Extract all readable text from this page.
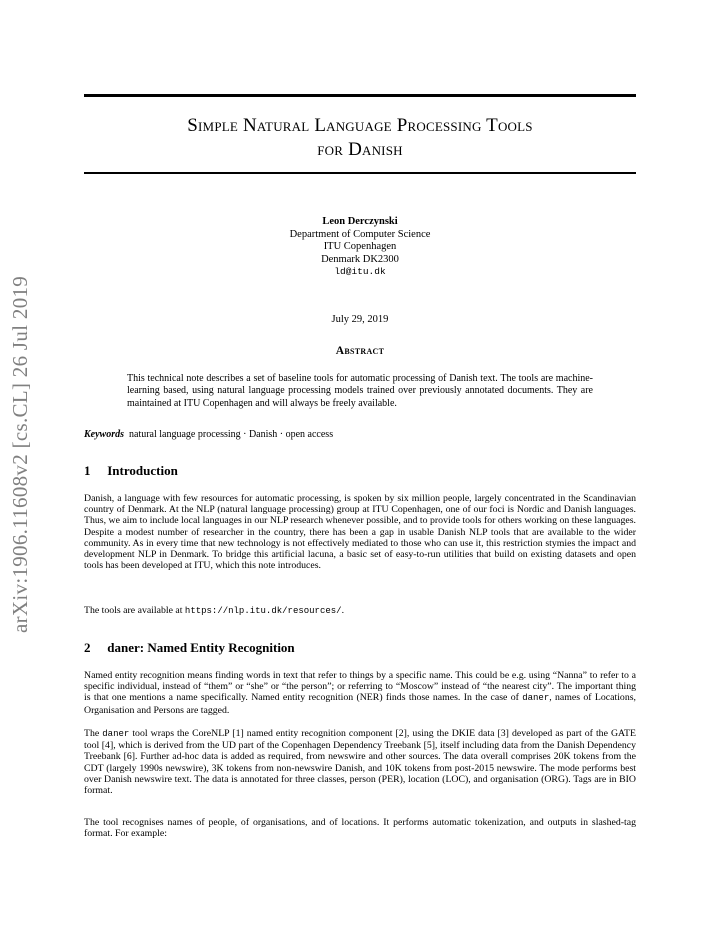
arXiv:1906.11608v2 [cs.CL] 26 Jul 2019
Simple Natural Language Processing Tools
for Danish
Leon Derczynski
Department of Computer Science
ITU Copenhagen
Denmark DK2300
ld@itu.dk
July 29, 2019
Abstract
This technical note describes a set of baseline tools for automatic processing of Danish text. The tools are machine-learning based, using natural language processing models trained over previously annotated documents. They are maintained at ITU Copenhagen and will always be freely available.
Keywords natural language processing · Danish · open access
1 Introduction

Danish, a language with few resources for automatic processing, is spoken by six million people, largely concentrated in the Scandinavian country of Denmark. At the NLP (natural language processing) group at ITU Copenhagen, one of our foci is Nordic and Danish languages. Thus, we aim to include local languages in our NLP research whenever possible, and to provide tools for others working on these languages. Despite a modest number of researcher in the country, there has been a gap in usable Danish NLP tools that are available to the wider community. As in every time that new technology is not effectively mediated to those who can use it, this restriction stymies the impact and development NLP in Denmark. To bridge this artificial lacuna, a basic set of easy-to-run utilities that build on existing datasets and open tools has been developed at ITU, which this note introduces.

The tools are available at https://nlp.itu.dk/resources/.

2 daner: Named Entity Recognition

Named entity recognition means finding words in text that refer to things by a specific name. This could be e.g. using “Nanna” to refer to a specific individual, instead of “them” or “she” or “the person”; or referring to “Moscow” instead of “the nearest city”. The important thing is that one mentions a name specifically. Named entity recognition (NER) finds those names. In the case of daner, names of Locations, Organisation and Persons are tagged.

The daner tool wraps the CoreNLP [1] named entity recognition component [2], using the DKIE data [3] developed as part of the GATE tool [4], which is derived from the UD part of the Copenhagen Dependency Treebank [5], itself including data from the Danish Dependency Treebank [6]. Further ad-hoc data is added as required, from newswire and other sources. The data overall comprises 20K tokens from the CDT (largely 1990s newswire), 3K tokens from non-newswire Danish, and 10K tokens from post-2015 newswire. The mode performs best over Danish newswire text. The data is annotated for three classes, person (PER), location (LOC), and organisation (ORG). Tags are in BIO format.

The tool recognises names of people, of organisations, and of locations. It performs automatic tokenization, and outputs in slashed-tag format. For example:
